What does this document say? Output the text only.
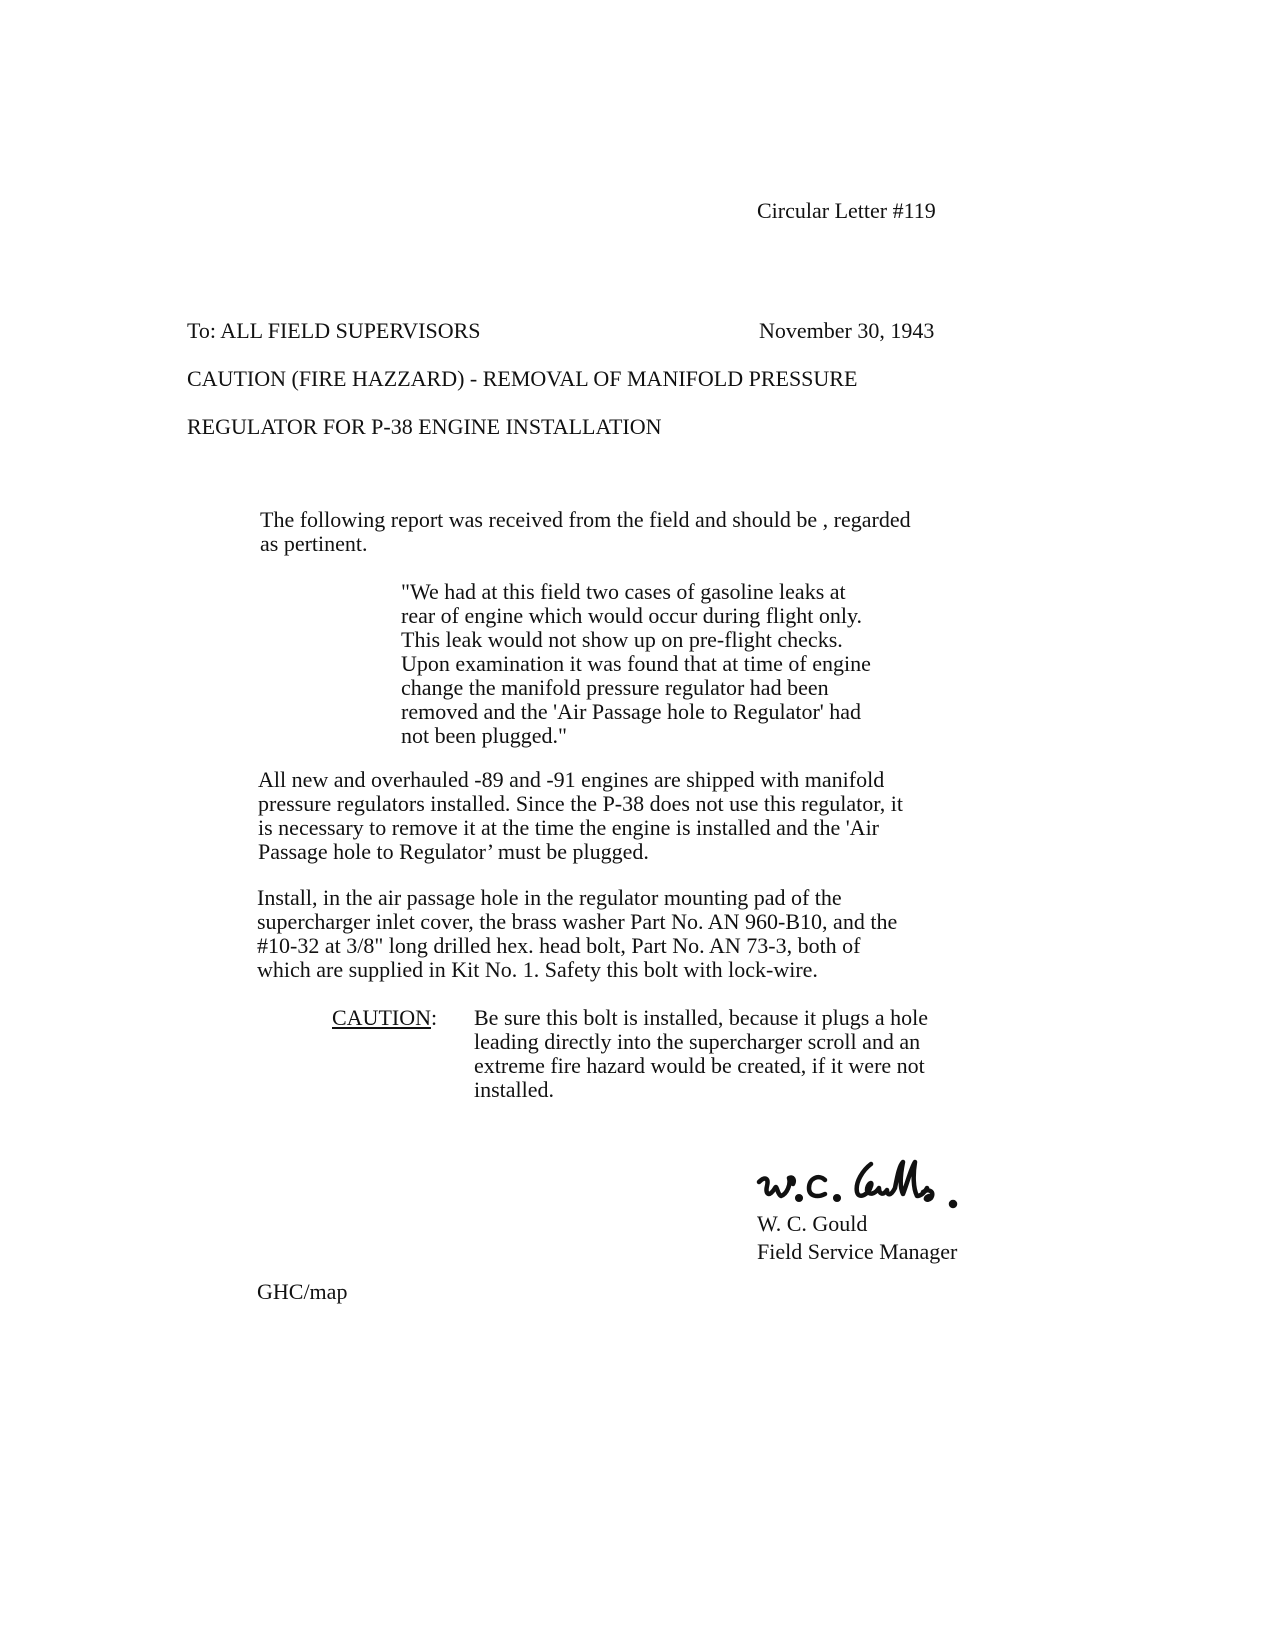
Circular Letter #119
To: ALL FIELD SUPERVISORS	November 30, 1943
CAUTION (FIRE HAZZARD) - REMOVAL OF MANIFOLD PRESSURE
REGULATOR FOR P-38 ENGINE INSTALLATION
The following report was received from the field and should be , regarded
as pertinent.
"We had at this field two cases of gasoline leaks at
rear of engine which would occur during flight only.
This leak would not show up on pre-flight checks.
Upon examination it was found that at time of engine
change the manifold pressure regulator had been
removed and the 'Air Passage hole to Regulator' had
not been plugged."
All new and overhauled -89 and -91 engines are shipped with manifold
pressure regulators installed. Since the P-38 does not use this regulator, it
is necessary to remove it at the time the engine is installed and the 'Air
Passage hole to Regulator’ must be plugged.
Install, in the air passage hole in the regulator mounting pad of the
supercharger inlet cover, the brass washer Part No. AN 960-B10, and the
#10-32 at 3/8" long drilled hex. head bolt, Part No. AN 73-3, both of
which are supplied in Kit No. 1. Safety this bolt with lock-wire.
CAUTION: Be sure this bolt is installed, because it plugs a hole
leading directly into the supercharger scroll and an
extreme fire hazard would be created, if it were not
installed.
W. C. Gould
Field Service Manager
GHC/map
